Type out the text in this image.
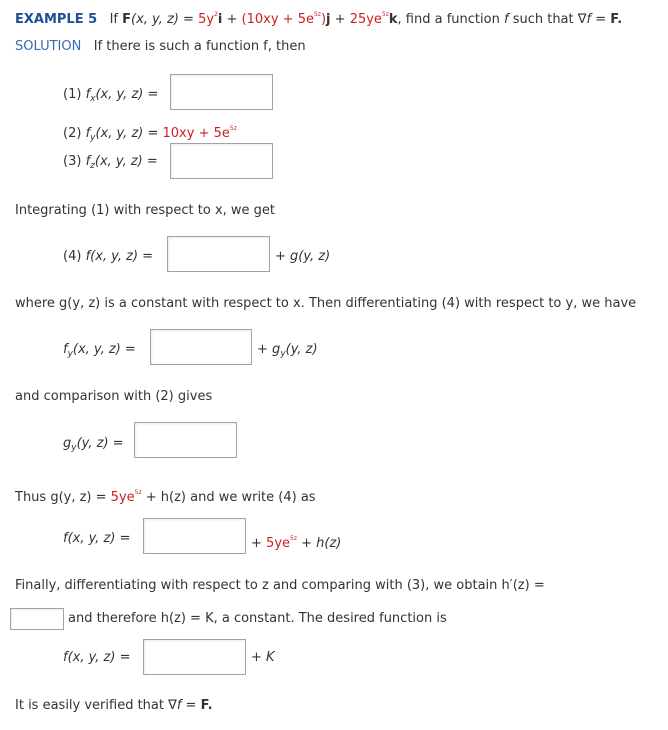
EXAMPLE 5 If F(x, y, $z) = 5y^2i + (10xy + 5e^{5z})j + 25ye^{5z}k$, find a function f such that ∇f = F.
SOLUTION If there is such a function f, then
(1) $f_x(x$, y, z) =
(2) $f_y(x$, y, $z) = 10xy + 5e^{5z}$
(3) $f_z(x$, y, z) =
Integrating (1) with respect to x, we get
(4) f(x, y, z) =	+ g(y, z)
where g(y, z) is a constant with respect to x. Then differentiating (4) with respect to y, we have
$f_y(x$, y, z) =	+ $g_y(y$, z)
and comparison with (2) gives
$g_y(y$, z) =
Thus g(y, $z) = 5ye^{5z} + h(z)$ and we write (4) as
f(x, y, z) =	+ $5ye^{5z} + h(z)$
Finally, differentiating with respect to z and comparing with (3), we obtain h′(z) =
and therefore h(z) = K, a constant. The desired function is
f(x, y, z) =	+ K
It is easily verified that ∇f = F.
